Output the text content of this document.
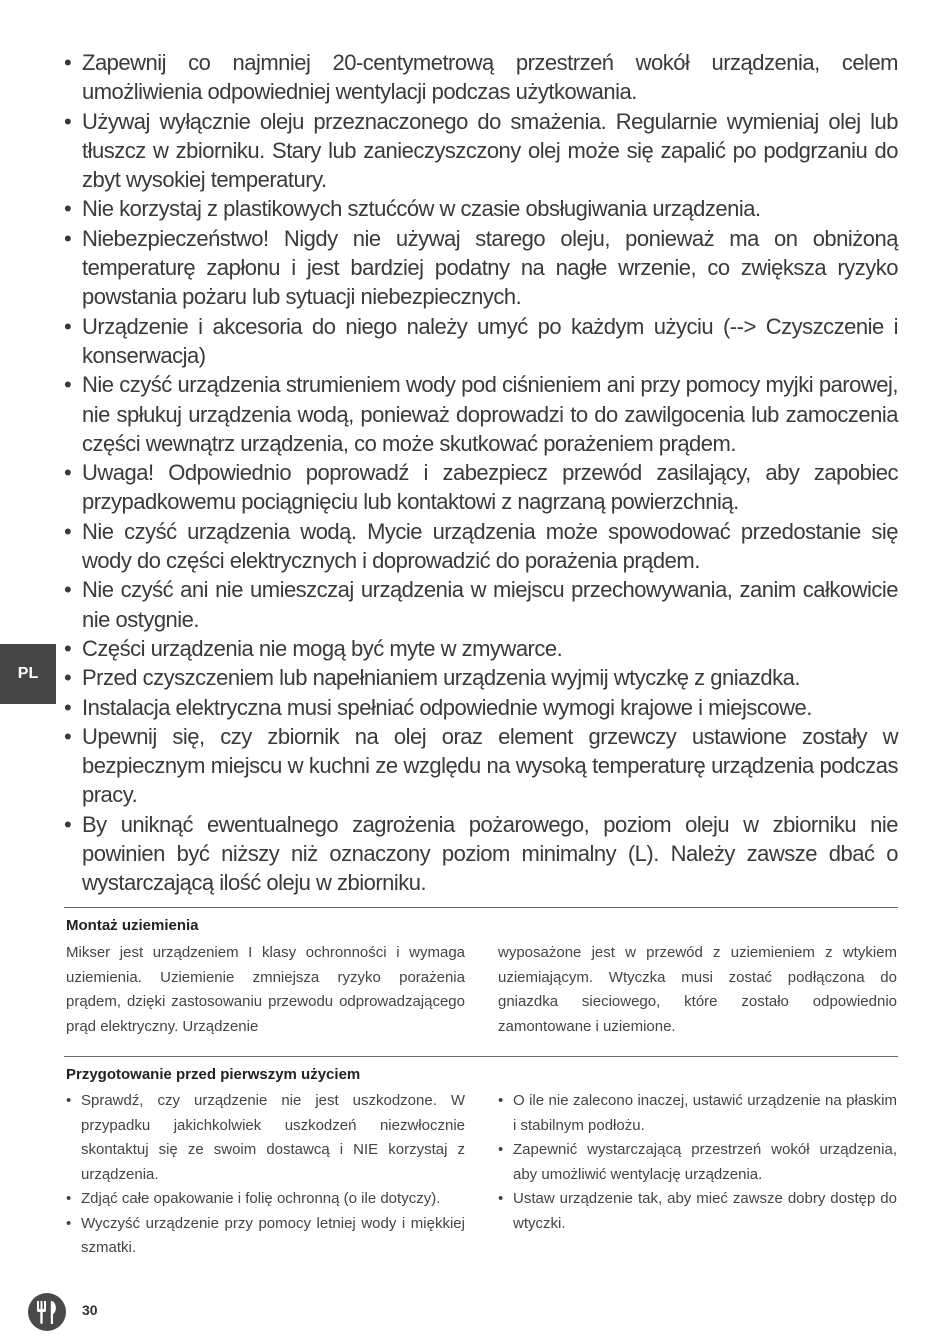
• Zapewnij co najmniej 20-centymetrową przestrzeń wokół urządzenia, celem umożliwienia odpowiedniej wentylacji podczas użytkowania.
• Używaj wyłącznie oleju przeznaczonego do smażenia. Regularnie wymieniaj olej lub tłuszcz w zbiorniku. Stary lub zanieczyszczony olej może się zapalić po podgrzaniu do zbyt wysokiej temperatury.
• Nie korzystaj z plastikowych sztućców w czasie obsługiwania urządzenia.
• Niebezpieczeństwo! Nigdy nie używaj starego oleju, ponieważ ma on obniżoną temperaturę zapłonu i jest bardziej podatny na nagłe wrzenie, co zwiększa ryzyko powstania pożaru lub sytuacji niebezpiecznych.
• Urządzenie i akcesoria do niego należy umyć po każdym użyciu (--> Czyszczenie i konserwacja)
• Nie czyść urządzenia strumieniem wody pod ciśnieniem ani przy pomocy myjki parowej, nie spłukuj urządzenia wodą, ponieważ doprowadzi to do zawilgocenia lub zamoczenia części wewnątrz urządzenia, co może skutkować porażeniem prądem.
• Uwaga! Odpowiednio poprowadź i zabezpiecz przewód zasilający, aby zapobiec przypadkowemu pociągnięciu lub kontaktowi z nagrzaną powierzchnią.
• Nie czyść urządzenia wodą. Mycie urządzenia może spowodować przedostanie się wody do części elektrycznych i doprowadzić do porażenia prądem.
• Nie czyść ani nie umieszczaj urządzenia w miejscu przechowywania, zanim całkowicie nie ostygnie.
• Części urządzenia nie mogą być myte w zmywarce.
• Przed czyszczeniem lub napełnianiem urządzenia wyjmij wtyczkę z gniazdka.
• Instalacja elektryczna musi spełniać odpowiednie wymogi krajowe i miejscowe.
• Upewnij się, czy zbiornik na olej oraz element grzewczy ustawione zostały w bezpiecznym miejscu w kuchni ze względu na wysoką temperaturę urządzenia podczas pracy.
• By uniknąć ewentualnego zagrożenia pożarowego, poziom oleju w zbiorniku nie powinien być niższy niż oznaczony poziom minimalny (L). Należy zawsze dbać o wystarczającą ilość oleju w zbiorniku.
PL
Montaż uziemienia
Mikser jest urządzeniem I klasy ochronności i wymaga uziemienia. Uziemienie zmniejsza ryzyko porażenia prądem, dzięki zastosowaniu przewodu odprowadzającego prąd elektryczny. Urządzenie
wyposażone jest w przewód z uziemieniem z wtykiem uziemiającym. Wtyczka musi zostać podłączona do gniazdka sieciowego, które zostało odpowiednio zamontowane i uziemione.
Przygotowanie przed pierwszym użyciem
• Sprawdź, czy urządzenie nie jest uszkodzone. W przypadku jakichkolwiek uszkodzeń niezwłocznie skontaktuj się ze swoim dostawcą i NIE korzystaj z urządzenia.
• Zdjąć całe opakowanie i folię ochronną (o ile dotyczy).
• Wyczyść urządzenie przy pomocy letniej wody i miękkiej szmatki.
• O ile nie zalecono inaczej, ustawić urządzenie na płaskim i stabilnym podłożu.
• Zapewnić wystarczającą przestrzeń wokół urządzenia, aby umożliwić wentylację urządzenia.
• Ustaw urządzenie tak, aby mieć zawsze dobry dostęp do wtyczki.
30
